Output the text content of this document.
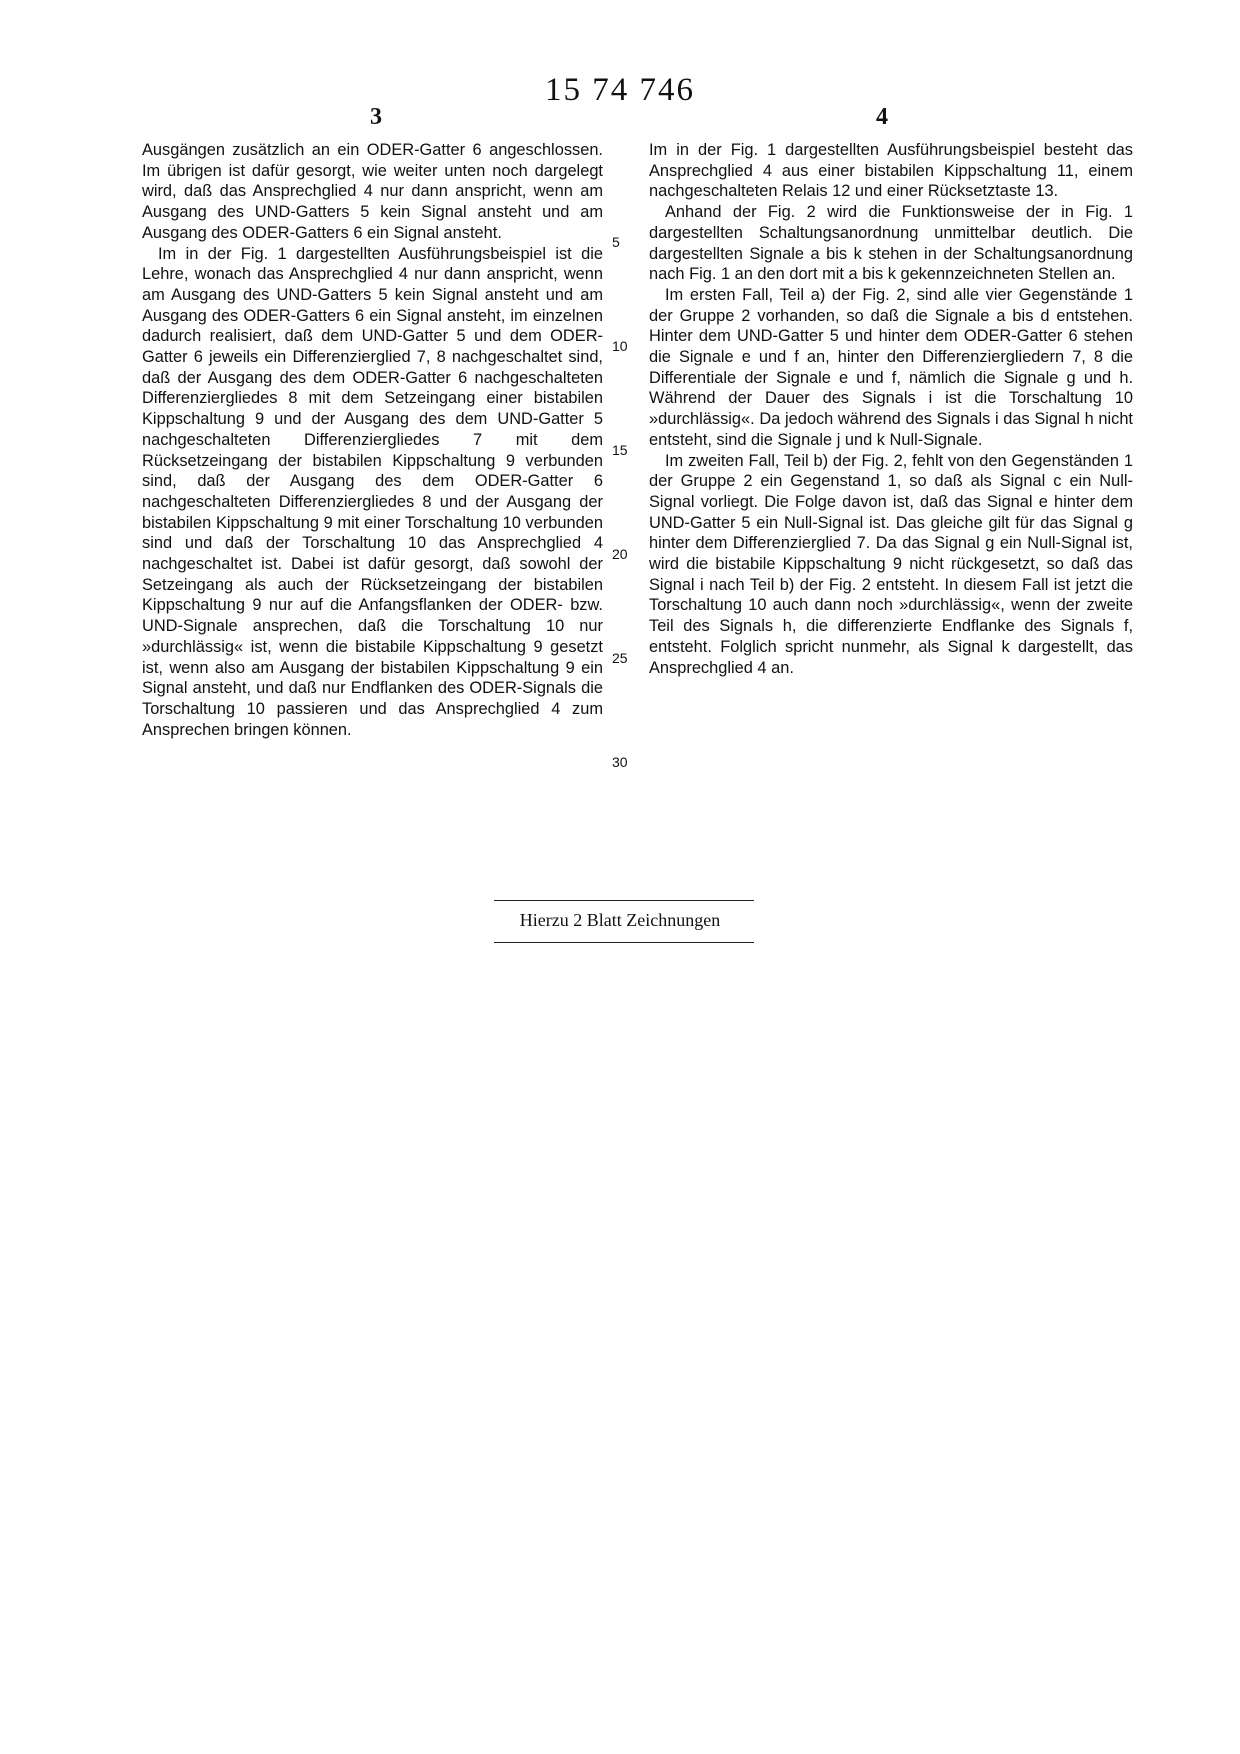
15 74 746
3	4

Ausgängen zusätzlich an ein ODER-Gatter 6 angeschlossen. Im übrigen ist dafür gesorgt, wie weiter unten noch dargelegt wird, daß das Ansprechglied 4 nur dann anspricht, wenn am Ausgang des UND-Gatters 5 kein Signal ansteht und am Ausgang des ODER-Gatters 6 ein Signal ansteht.

Im in der Fig. 1 dargestellten Ausführungsbeispiel ist die Lehre, wonach das Ansprechglied 4 nur dann anspricht, wenn am Ausgang des UND-Gatters 5 kein Signal ansteht und am Ausgang des ODER-Gatters 6 ein Signal ansteht, im einzelnen dadurch realisiert, daß dem UND-Gatter 5 und dem ODER-Gatter 6 jeweils ein Differenzierglied 7, 8 nachgeschaltet sind, daß der Ausgang des dem ODER-Gatter 6 nachgeschalteten Differenziergliedes 8 mit dem Setzeingang einer bistabilen Kippschaltung 9 und der Ausgang des dem UND-Gatter 5 nachgeschalteten Differenziergliedes 7 mit dem Rücksetzeingang der bistabilen Kippschaltung 9 verbunden sind, daß der Ausgang des dem ODER-Gatter 6 nachgeschalteten Differenziergliedes 8 und der Ausgang der bistabilen Kippschaltung 9 mit einer Torschaltung 10 verbunden sind und daß der Torschaltung 10 das Ansprechglied 4 nachgeschaltet ist. Dabei ist dafür gesorgt, daß sowohl der Setzeingang als auch der Rücksetzeingang der bistabilen Kippschaltung 9 nur auf die Anfangsflanken der ODER- bzw. UND-Signale ansprechen, daß die Torschaltung 10 nur »durchlässig« ist, wenn die bistabile Kippschaltung 9 gesetzt ist, wenn also am Ausgang der bistabilen Kippschaltung 9 ein Signal ansteht, und daß nur Endflanken des ODER-Signals die Torschaltung 10 passieren und das Ansprechglied 4 zum Ansprechen bringen können.

5
10
15
20
25
30

Im in der Fig. 1 dargestellten Ausführungsbeispiel besteht das Ansprechglied 4 aus einer bistabilen Kippschaltung 11, einem nachgeschalteten Relais 12 und einer Rücksetztaste 13.

Anhand der Fig. 2 wird die Funktionsweise der in Fig. 1 dargestellten Schaltungsanordnung unmittelbar deutlich. Die dargestellten Signale a bis k stehen in der Schaltungsanordnung nach Fig. 1 an den dort mit a bis k gekennzeichneten Stellen an.

Im ersten Fall, Teil a) der Fig. 2, sind alle vier Gegenstände 1 der Gruppe 2 vorhanden, so daß die Signale a bis d entstehen. Hinter dem UND-Gatter 5 und hinter dem ODER-Gatter 6 stehen die Signale e und f an, hinter den Differenziergliedern 7, 8 die Differentiale der Signale e und f, nämlich die Signale g und h. Während der Dauer des Signals i ist die Torschaltung 10 »durchlässig«. Da jedoch während des Signals i das Signal h nicht entsteht, sind die Signale j und k Null-Signale.

Im zweiten Fall, Teil b) der Fig. 2, fehlt von den Gegenständen 1 der Gruppe 2 ein Gegenstand 1, so daß als Signal c ein Null-Signal vorliegt. Die Folge davon ist, daß das Signal e hinter dem UND-Gatter 5 ein Null-Signal ist. Das gleiche gilt für das Signal g hinter dem Differenzierglied 7. Da das Signal g ein Null-Signal ist, wird die bistabile Kippschaltung 9 nicht rückgesetzt, so daß das Signal i nach Teil b) der Fig. 2 entsteht. In diesem Fall ist jetzt die Torschaltung 10 auch dann noch »durchlässig«, wenn der zweite Teil des Signals h, die differenzierte Endflanke des Signals f, entsteht. Folglich spricht nunmehr, als Signal k dargestellt, das Ansprechglied 4 an.

Hierzu 2 Blatt Zeichnungen
